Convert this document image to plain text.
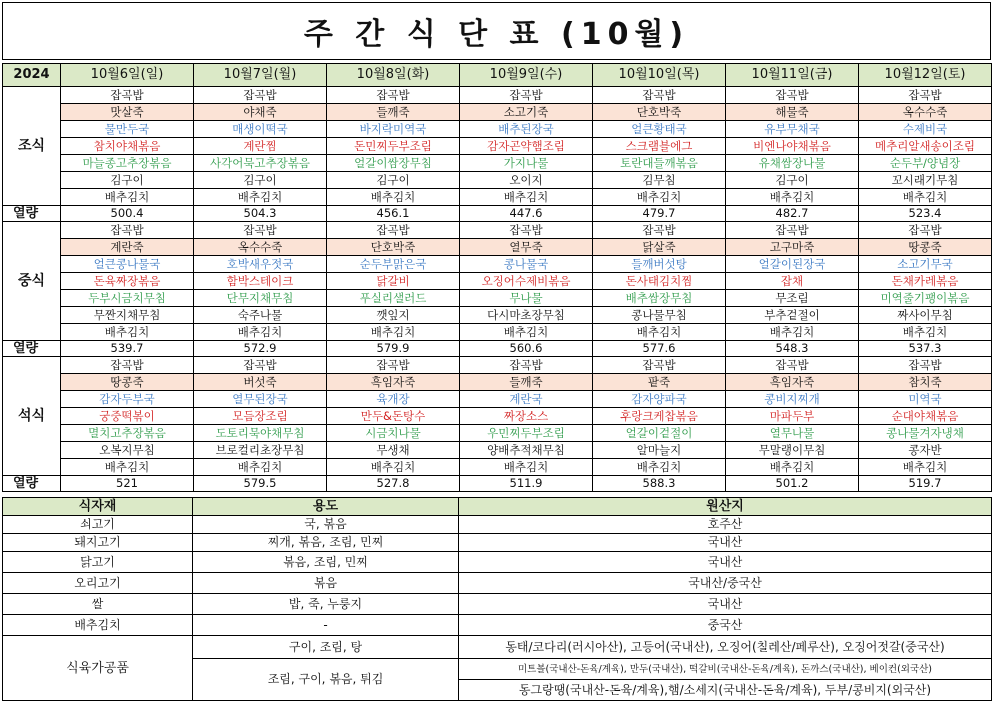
주 간 식 단 표 (10월)
2024	10월6일(일)	10월7일(월)	10월8일(화)	10월9일(수)	10월10일(목)	10월11일(금)	10월12일(토)
조식	잡곡밥	잡곡밥	잡곡밥	잡곡밥	잡곡밥	잡곡밥	잡곡밥
	맛살죽	야채죽	들깨죽	소고기죽	단호박죽	해물죽	옥수수죽
	물만두국	매생이떡국	바지락미역국	배추된장국	얼큰황태국	유부무채국	수제비국
	참치야채볶음	계란찜	돈민찌두부조림	감자곤약햄조림	스크램블에그	비엔나야채볶음	메추리알새송이조림
	마늘종고추장볶음	사각어묵고추장볶음	얼갈이쌈장무침	가지나물	토란대들깨볶음	유채쌈장나물	순두부/양념장
	김구이	김구이	김구이	오이지	김무침	김구이	꼬시래기무침
	배추김치	배추김치	배추김치	배추김치	배추김치	배추김치	배추김치
열량	500.4	504.3	456.1	447.6	479.7	482.7	523.4
중식	잡곡밥	잡곡밥	잡곡밥	잡곡밥	잡곡밥	잡곡밥	잡곡밥
	계란죽	옥수수죽	단호박죽	열무죽	닭살죽	고구마죽	땅콩죽
	얼큰콩나물국	호박새우젓국	순두부맑은국	콩나물국	들깨버섯탕	얼갈이된장국	소고기무국
	돈육짜장볶음	함박스테이크	닭갈비	오징어수제비볶음	돈사태김치찜	잡채	돈채카레볶음
	두부시금치무침	단무지채무침	푸실리샐러드	무나물	배추쌈장무침	무조림	미역줄기팽이볶음
	무짠지채무침	숙주나물	깻잎지	다시마초장무침	콩나물무침	부추겉절이	짜사이무침
	배추김치	배추김치	배추김치	배추김치	배추김치	배추김치	배추김치
열량	539.7	572.9	579.9	560.6	577.6	548.3	537.3
석식	잡곡밥	잡곡밥	잡곡밥	잡곡밥	잡곡밥	잡곡밥	잡곡밥
	땅콩죽	버섯죽	흑임자죽	들깨죽	팥죽	흑임자죽	참치죽
	감자두부국	열무된장국	육개장	계란국	감자양파국	콩비지찌개	미역국
	궁중떡볶이	모듬장조림	만두&돈탕수	짜장소스	후랑크케찹볶음	마파두부	순대야채볶음
	멸치고추장볶음	도토리묵야채무침	시금치나물	우민찌두부조림	얼갈이겉절이	열무나물	콩나물겨자냉채
	오복지무침	브로컬리초장무침	무생채	양배추적채무침	알마늘지	무말랭이무침	콩자반
	배추김치	배추김치	배추김치	배추김치	배추김치	배추김치	배추김치
열량	521	579.5	527.8	511.9	588.3	501.2	519.7
식자재	용도	원산지
쇠고기	국, 볶음	호주산
돼지고기	찌개, 볶음, 조림, 민찌	국내산
닭고기	볶음, 조림, 민찌	국내산
오리고기	볶음	국내산/중국산
쌀	밥, 죽, 누룽지	국내산
배추김치	-	중국산
식육가공품	구이, 조림, 탕	동태/코다리(러시아산), 고등어(국내산), 오징어(칠레산/페루산), 오징어젓갈(중국산)
	조림, 구이, 볶음, 튀김	미트볼(국내산-돈육/계육), 만두(국내산), 떡갈비(국내산-돈육/계육), 돈까스(국내산), 베이컨(외국산)
		동그랑땡(국내산-돈육/계육),햄/소세지(국내산-돈육/계육), 두부/콩비지(외국산)
